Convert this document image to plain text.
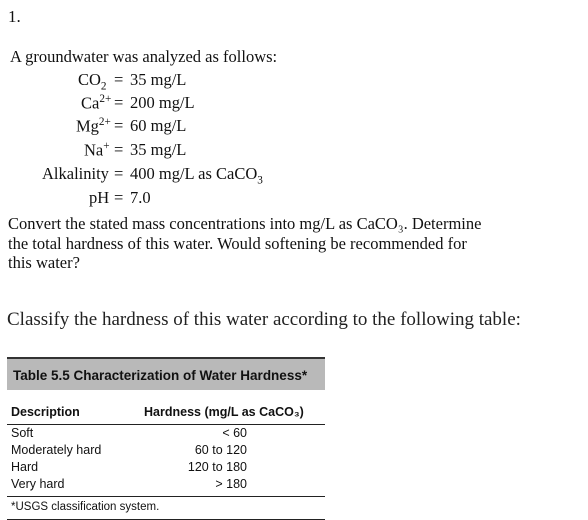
1.
A groundwater was analyzed as follows:
$CO_2 = 35$ mg/L
$Ca^{2+} = 200$ mg/L
$Mg^{2+} = 60$ mg/L
Na+ = 35 mg/L
Alkalinity = 400 mg/L as CaCO$_3$
pH = 7.0
Convert the stated mass concentrations into mg/L as CaCO₃. Determine
the total hardness of this water. Would softening be recommended for
this water?
Classify the hardness of this water according to the following table:
Table 5.5 Characterization of Water Hardness*
Description	Hardness (mg/L as CaCO₃)
Soft	< 60
Moderately hard	60 to 120
Hard	120 to 180
Very hard	> 180
*USGS classification system.
